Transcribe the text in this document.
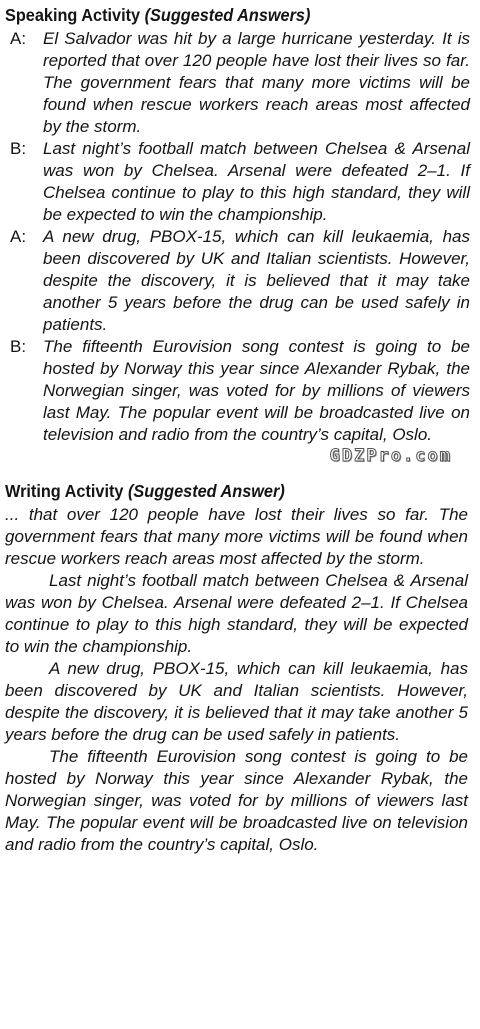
Speaking Activity (Suggested Answers)
A: El Salvador was hit by a large hurricane yesterday. It is reported that over 120 people have lost their lives so far. The government fears that many more victims will be found when rescue workers reach areas most affected by the storm.

B: Last night’s football match between Chelsea & Arsenal was won by Chelsea. Arsenal were defeated 2–1. If Chelsea continue to play to this high standard, they will be expected to win the championship.

A: A new drug, PBOX-15, which can kill leukaemia, has been discovered by UK and Italian scientists. However, despite the discovery, it is believed that it may take another 5 years before the drug can be used safely in patients.

B: The fifteenth Eurovision song contest is going to be hosted by Norway this year since Alexander Rybak, the Norwegian singer, was voted for by millions of viewers last May. The popular event will be broadcasted live on television and radio from the country’s capital, Oslo.

GDZPro.com
Writing Activity (Suggested Answer)

... that over 120 people have lost their lives so far. The government fears that many more victims will be found when rescue workers reach areas most affected by the storm.

Last night’s football match between Chelsea & Arsenal was won by Chelsea. Arsenal were defeated 2–1. If Chelsea continue to play to this high standard, they will be expected to win the championship.

A new drug, PBOX-15, which can kill leukaemia, has been discovered by UK and Italian scientists. However, despite the discovery, it is believed that it may take another 5 years before the drug can be used safely in patients.

The fifteenth Eurovision song contest is going to be hosted by Norway this year since Alexander Rybak, the Norwegian singer, was voted for by millions of viewers last May. The popular event will be broadcasted live on television and radio from the country’s capital, Oslo.
